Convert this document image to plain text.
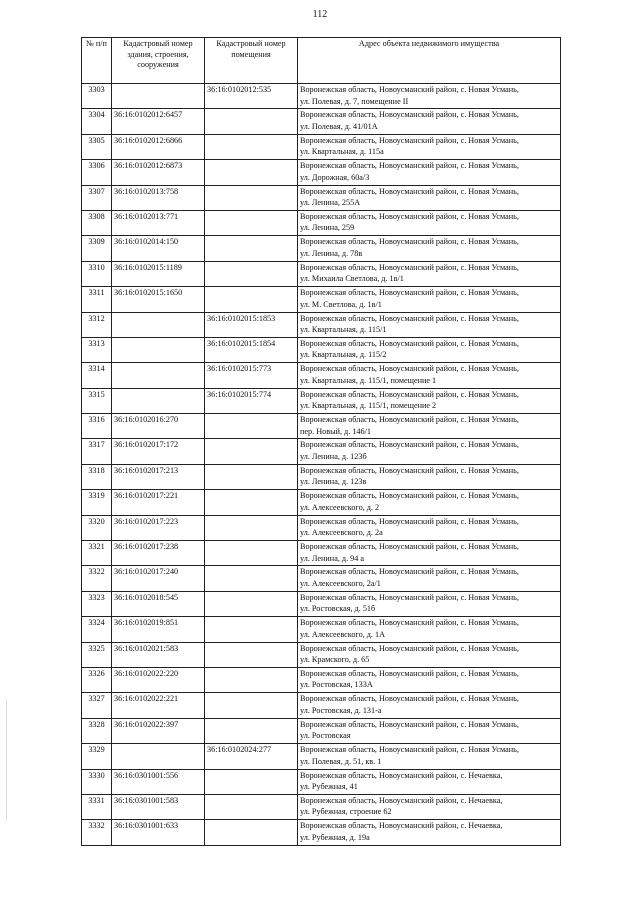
112
№ п/п	Кадастровый номер здания, строения, сооружения	Кадастровый номер помещения	Адрес объекта недвижимого имущества
3303		36:16:0102012:535	Воронежская область, Новоусманский район, с. Новая Усмань,
ул. Полевая, д. 7, помещение II

3304	36:16:0102012:6457		Воронежская область, Новоусманский район, с. Новая Усмань,
ул. Полевая, д. 41/01А

3305	36:16:0102012:6866		Воронежская область, Новоусманский район, с. Новая Усмань,
ул. Квартальная, д. 115а

3306	36:16:0102012:6873		Воронежская область, Новоусманский район, с. Новая Усмань,
ул. Дорожная, 60а/3

3307	36:16:0102013:758		Воронежская область, Новоусманский район, с. Новая Усмань,
ул. Ленина, 255А

3308	36:16:0102013:771		Воронежская область, Новоусманский район, с. Новая Усмань,
ул. Ленина, 259

3309	36:16:0102014:150		Воронежская область, Новоусманский район, с. Новая Усмань,
ул. Ленина, д. 78в

3310	36:16:0102015:1189		Воронежская область, Новоусманский район, с. Новая Усмань,
ул. Михаила Светлова, д. 1в/1

3311	36:16:0102015:1650		Воронежская область, Новоусманский район, с. Новая Усмань,
ул. М. Светлова, д. 1в/1

3312		36:16:0102015:1853	Воронежская область, Новоусманский район, с. Новая Усмань,
ул. Квартальная, д. 115/1

3313		36:16:0102015:1854	Воронежская область, Новоусманский район, с. Новая Усмань,
ул. Квартальная, д. 115/2

3314		36:16:0102015:773	Воронежская область, Новоусманский район, с. Новая Усмань,
ул. Квартальная, д. 115/1, помещение 1

3315		36:16:0102015:774	Воронежская область, Новоусманский район, с. Новая Усмань,
ул. Квартальная, д. 115/1, помещение 2

3316	36:16:0102016:270		Воронежская область, Новоусманский район, с. Новая Усмань,
пер. Новый, д. 146/1

3317	36:16:0102017:172		Воронежская область, Новоусманский район, с. Новая Усмань,
ул. Ленина, д. 123б

3318	36:16:0102017:213		Воронежская область, Новоусманский район, с. Новая Усмань,
ул. Ленина, д. 123в

3319	36:16:0102017:221		Воронежская область, Новоусманский район, с. Новая Усмань,
ул. Алексеевского, д. 2

3320	36:16:0102017:223		Воронежская область, Новоусманский район, с. Новая Усмань,
ул. Алексеевского, д. 2а

3321	36:16:0102017:238		Воронежская область, Новоусманский район, с. Новая Усмань,
ул. Ленина, д. 94 а

3322	36:16:0102017:240		Воронежская область, Новоусманский район, с. Новая Усмань,
ул. Алексеевского, 2а/1

3323	36:16:0102018:545		Воронежская область, Новоусманский район, с. Новая Усмань,
ул. Ростовская, д. 51б

3324	36:16:0102019:851		Воронежская область, Новоусманский район, с. Новая Усмань,
ул. Алексеевского, д. 1А

3325	36:16:0102021:583		Воронежская область, Новоусманский район, с. Новая Усмань,
ул. Крамского, д. 65

3326	36:16:0102022:220		Воронежская область, Новоусманский район, с. Новая Усмань,
ул. Ростовская, 133А

3327	36:16:0102022:221		Воронежская область, Новоусманский район, с. Новая Усмань,
ул. Ростовская, д. 131-а

3328	36:16:0102022:397		Воронежская область, Новоусманский район, с. Новая Усмань,
ул. Ростовская

3329		36:16:0102024:277	Воронежская область, Новоусманский район, с. Новая Усмань,
ул. Полевая, д. 51, кв. 1

3330	36:16:0301001:556		Воронежская область, Новоусманский район, с. Нечаевка,
ул. Рубежная, 41

3331	36:16:0301001:583		Воронежская область, Новоусманский район, с. Нечаевка,
ул. Рубежная, строение 62

3332	36:16:0301001:633		Воронежская область, Новоусманский район, с. Нечаевка,
ул. Рубежная, д. 19а
